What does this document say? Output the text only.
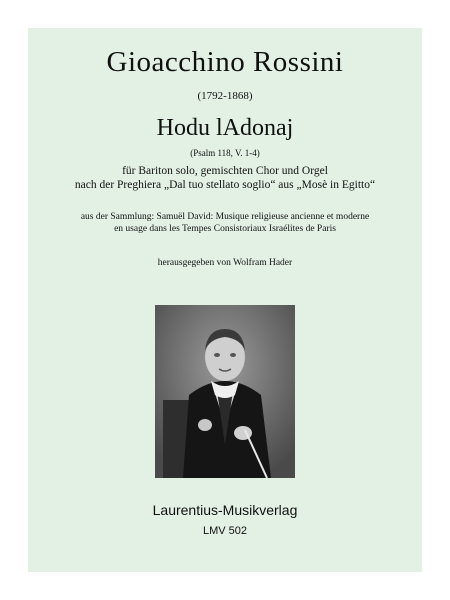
Gioacchino Rossini
(1792-1868)
Hodu lAdonaj
(Psalm 118, V. 1-4)
für Bariton solo, gemischten Chor und Orgel
nach der Preghiera „Dal tuo stellato soglio“ aus „Mosè in Egitto“
aus der Sammlung: Samuël David: Musique religieuse ancienne et moderne
en usage dans les Tempes Consistoriaux Israélites de Paris
herausgegeben von Wolfram Hader
Laurentius-Musikverlag
LMV 502
